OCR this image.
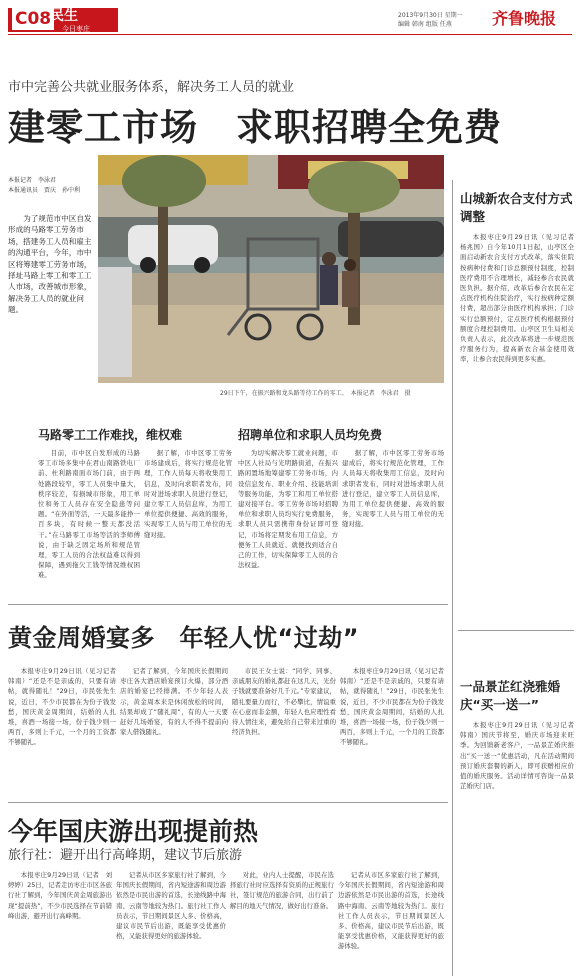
C08
民生
今日枣庄
2013年9月30日 星期一
编辑 韩南 组版 任燕	齐鲁晚报
市中完善公共就业服务体系，解决务工人员的就业
建零工市场　求职招聘全免费
本报记者　李泳君
本报通讯员　贾庆　孙中利
为了规范市中区自发形成的马路零工劳务市场，搭建务工人员和雇主的沟通平台，今年，市中区将筹建零工劳务市场，择址马路上零工和零工工人市场，改善城市形象，解决务工人员的就业问题。
29日下午，在振兴路和龙头路等待工作的零工。　本报记者　李泳君　摄
马路零工工作难找，维权难

目前，市中区自发形成的马路零工市场多集中在君山南路铁电厂前、杜利路南面市场门前，由于两处路段较窄，零工人员集中量大，秩序较差，有损城市形象，用工单位和务工人员存在安全隐患等问题。“在外面等活，一天最多能挣一百多块，有时候一整天都没活干。”在马路零工市场等活的李师傅说，由于缺乏固定场所和规范管理，零工人员的合法权益难以得到保障，遇到拖欠工钱等情况维权困难。

据了解，市中区零工劳务市场建成后，将实行规范化管理，工作人员每天将收集用工信息，及时向求职者发布，同时对进场求职人员进行登记，建立零工人员信息库，为用工单位提供便捷、高效的服务，实现零工人员与用工单位的无缝对接。

招聘单位和求职人员均免费

为切实解决零工就业问题，市中区人社局与光明路街道，在振兴路闲置场地筹建零工劳务市场，内设信息发布、职业介绍、技能培训等服务功能，为零工和用工单位搭建对接平台。零工劳务市场对招聘单位和求职人员均实行免费服务，求职人员只需携带身份证即可登记，市场将定期发布用工信息，方便务工人员就近、就便找到适合自己的工作，切实保障零工人员的合法权益。

据了解，市中区零工劳务市场建成后，将实行规范化管理，工作人员每天将收集用工信息，及时向求职者发布，同时对进场求职人员进行登记，建立零工人员信息库，为用工单位提供便捷、高效的服务，实现零工人员与用工单位的无缝对接。

黄金周婚宴多　年轻人忧“过劫”

本报枣庄9月29日讯（见习记者　韩南）“还是不是亲戚的，只要有请帖，就得随礼！”29日，市民张先生说，近日，不少市民都在为份子钱发愁，国庆黄金周期间，结婚的人扎堆，喜酒一场接一场，份子钱少则一两百，多则上千元，一个月的工资都不够随礼。

记者了解到，今年国庆长假期间枣庄各大酒店婚宴预订火爆，部分酒店的婚宴已经排满。不少年轻人表示，黄金周本来是休闲放松的时间，结果却成了“随礼周”，有的人一天要赶好几场婚宴，有的人不得不提前向家人借钱随礼。

市民王女士说：“同学、同事、亲戚朋友的婚礼都赶在这几天，光份子钱就要准备好几千元。”专家建议，随礼要量力而行，不必攀比，情谊重在心意而非金额，年轻人也应理性看待人情往来，避免给自己带来过重的经济负担。

本报枣庄9月29日讯（见习记者　韩南）“还是不是亲戚的，只要有请帖，就得随礼！”29日，市民张先生说，近日，不少市民都在为份子钱发愁，国庆黄金周期间，结婚的人扎堆，喜酒一场接一场，份子钱少则一两百，多则上千元，一个月的工资都不够随礼。

今年国庆游出现提前热
旅行社：避开出行高峰期，建议节后旅游

本报枣庄9月29日讯（记者　刘婷婷）25日，记者走访枣庄市区各旅行社了解到，今年国庆黄金周旅游出现“提前热”，不少市民选择在节前错峰出游，避开出行高峰期。

记者从市区多家旅行社了解到，今年国庆长假期间，省内短途游和周边游依然是市民出游的首选，长途线路中海南、云南等地较为热门。旅行社工作人员表示，节日期间景区人多、价格高，建议市民节后出游，既能享受优惠价格，又能获得更好的旅游体验。

对此，业内人士提醒，市民在选择旅行社时应选择有资质的正规旅行社，签订规范的旅游合同，出行前了解目的地天气情况，做好出行准备。

记者从市区多家旅行社了解到，今年国庆长假期间，省内短途游和周边游依然是市民出游的首选，长途线路中海南、云南等地较为热门。旅行社工作人员表示，节日期间景区人多、价格高，建议市民节后出游，既能享受优惠价格，又能获得更好的旅游体验。

山城新农合支付方式调整

本报枣庄9月29日讯（见习记者　杨兆国）自今年10月1日起，山亭区全面启动新农合支付方式改革，落实住院按病种付费和门诊总额预付制度，控制医疗费用不合理增长，减轻参合农民就医负担。据介绍，改革后参合农民在定点医疗机构住院治疗，实行按病种定额付费，超出部分由医疗机构承担；门诊实行总额预付，定点医疗机构根据预付额度合理控制费用。山亭区卫生局相关负责人表示，此次改革将进一步规范医疗服务行为，提高新农合基金使用效率，让参合农民得到更多实惠。

一品景芷红浇雅婚庆“买一送一”

本报枣庄9月29日讯（见习记者　韩南）国庆节将至，婚庆市场迎来旺季。为回馈新老客户，一品景芷婚庆推出“买一送一”优惠活动，凡在活动期间预订婚庆套餐的新人，即可获赠相应价值的婚庆服务。活动详情可咨询一品景芷婚庆门店。
